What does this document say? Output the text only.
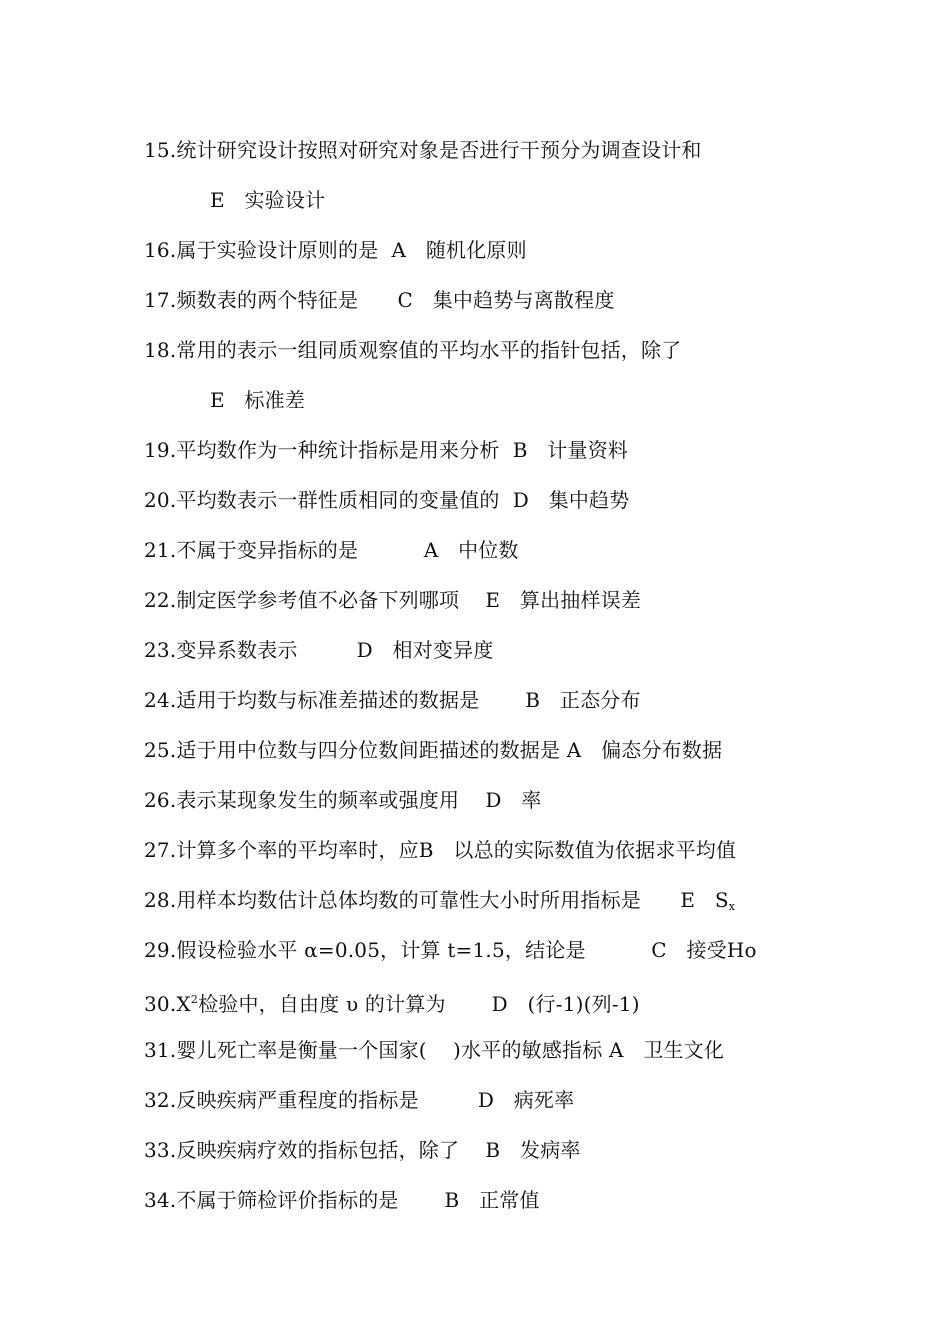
15.统计研究设计按照对研究对象是否进行干预分为调查设计和
E   实验设计
16.属于实验设计原则的是  A   随机化原则
17.频数表的两个特征是      C   集中趋势与离散程度
18.常用的表示一组同质观察值的平均水平的指针包括，除了
E   标准差
19.平均数作为一种统计指标是用来分析  B   计量资料
20.平均数表示一群性质相同的变量值的  D   集中趋势
21.不属于变异指标的是          A   中位数
22.制定医学参考值不必备下列哪项    E   算出抽样误差
23.变异系数表示         D   相对变异度
24.适用于均数与标准差描述的数据是       B   正态分布
25.适于用中位数与四分位数间距描述的数据是 A   偏态分布数据
26.表示某现象发生的频率或强度用    D   率
27.计算多个率的平均率时，应B   以总的实际数值为依据求平均值
28.用样本均数估计总体均数的可靠性大小时所用指标是      E   $S_x$
29.假设检验水平 α=0.05，计算 t=1.5，结论是          C   接受Ho
$30.X^2$检验中，自由度 υ 的计算为       D   (行-1)(列-1)
31.婴儿死亡率是衡量一个国家(    )水平的敏感指标 A   卫生文化
32.反映疾病严重程度的指标是         D   病死率
33.反映疾病疗效的指标包括，除了    B   发病率
34.不属于筛检评价指标的是       B   正常值
